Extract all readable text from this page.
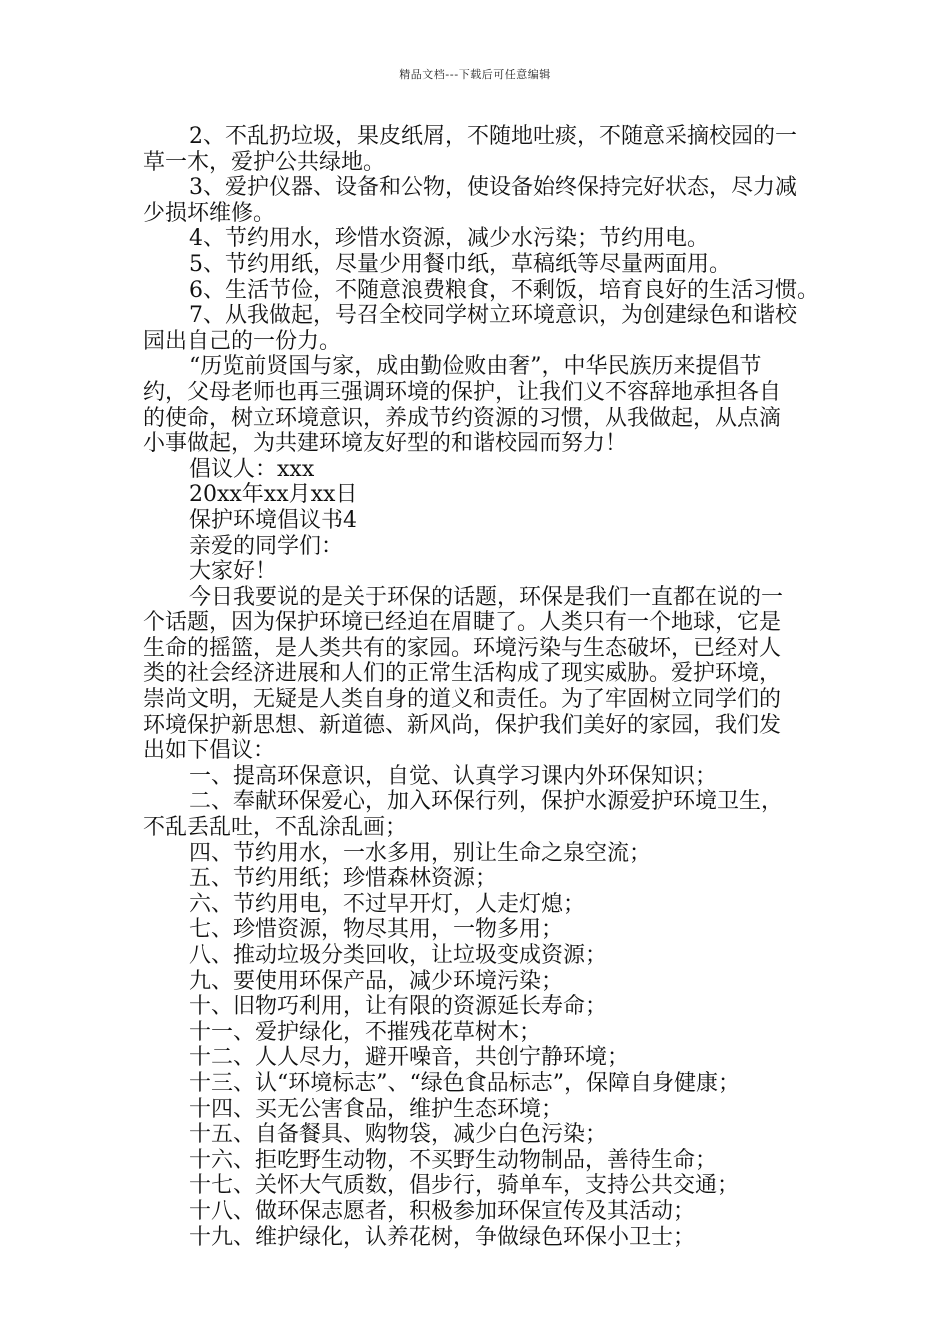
精品文档---下载后可任意编辑
2、不乱扔垃圾，果皮纸屑，不随地吐痰，不随意采摘校园的一
草一木，爱护公共绿地。
3、爱护仪器、设备和公物，使设备始终保持完好状态，尽力减
少损坏维修。
4、节约用水，珍惜水资源，减少水污染；节约用电。
5、节约用纸，尽量少用餐巾纸，草稿纸等尽量两面用。
6、生活节俭，不随意浪费粮食，不剩饭，培育良好的生活习惯。
7、从我做起，号召全校同学树立环境意识，为创建绿色和谐校
园出自己的一份力。
“历览前贤国与家，成由勤俭败由奢”，中华民族历来提倡节
约，父母老师也再三强调环境的保护，让我们义不容辞地承担各自
的使命，树立环境意识，养成节约资源的习惯，从我做起，从点滴
小事做起，为共建环境友好型的和谐校园而努力！
倡议人：xxx
20xx年xx月xx日
保护环境倡议书4
亲爱的同学们：
大家好！
今日我要说的是关于环保的话题，环保是我们一直都在说的一
个话题，因为保护环境已经迫在眉睫了。人类只有一个地球，它是
生命的摇篮，是人类共有的家园。环境污染与生态破坏，已经对人
类的社会经济进展和人们的正常生活构成了现实威胁。爱护环境，
崇尚文明，无疑是人类自身的道义和责任。为了牢固树立同学们的
环境保护新思想、新道德、新风尚，保护我们美好的家园，我们发
出如下倡议：
一、提高环保意识，自觉、认真学习课内外环保知识；
二、奉献环保爱心，加入环保行列，保护水源爱护环境卫生，
不乱丢乱吐，不乱涂乱画；
四、节约用水，一水多用，别让生命之泉空流；
五、节约用纸；珍惜森林资源；
六、节约用电，不过早开灯，人走灯熄；
七、珍惜资源，物尽其用，一物多用；
八、推动垃圾分类回收，让垃圾变成资源；
九、要使用环保产品，减少环境污染；
十、旧物巧利用，让有限的资源延长寿命；
十一、爱护绿化，不摧残花草树木；
十二、人人尽力，避开噪音，共创宁静环境；
十三、认“环境标志”、“绿色食品标志”，保障自身健康；
十四、买无公害食品，维护生态环境；
十五、自备餐具、购物袋，减少白色污染；
十六、拒吃野生动物，不买野生动物制品，善待生命；
十七、关怀大气质数，倡步行，骑单车，支持公共交通；
十八、做环保志愿者，积极参加环保宣传及其活动；
十九、维护绿化，认养花树，争做绿色环保小卫士；
